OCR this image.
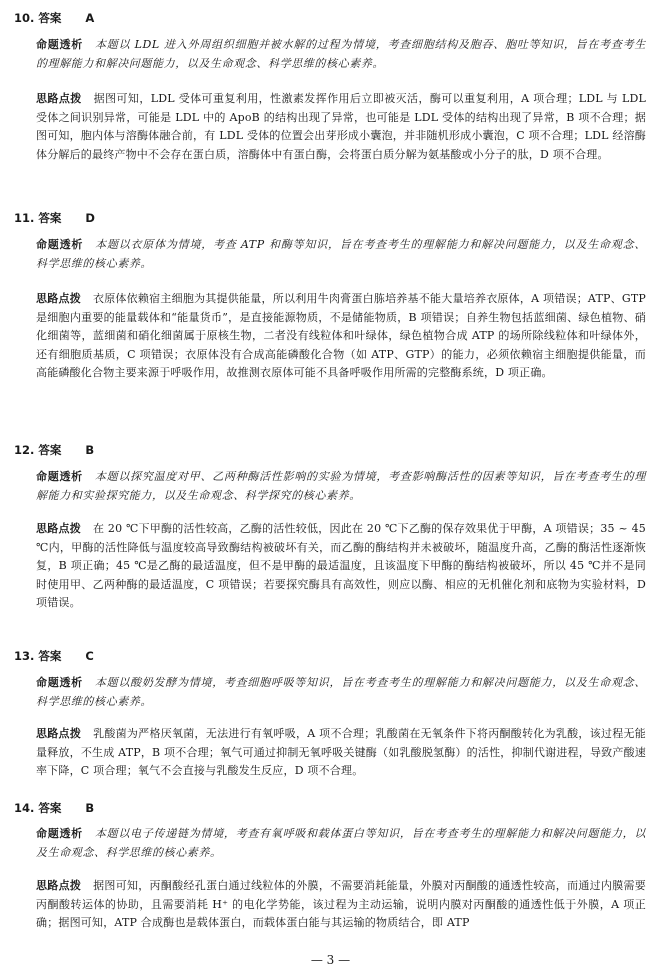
10. 答案 A
命题透析 本题以 LDL 进入外周组织细胞并被水解的过程为情境，考查细胞结构及胞吞、胞吐等知识，旨在考查考生的理解能力和解决问题能力，以及生命观念、科学思维的核心素养。
思路点拨 据图可知，LDL 受体可重复利用，性激素发挥作用后立即被灭活，酶可以重复利用，A 项合理；LDL 与 LDL 受体之间识别异常，可能是 LDL 中的 ApoB 的结构出现了异常，也可能是 LDL 受体的结构出现了异常，B 项不合理；据图可知，胞内体与溶酶体融合前，有 LDL 受体的位置会出芽形成小囊泡，并非随机形成小囊泡，C 项不合理；LDL 经溶酶体分解后的最终产物中不会存在蛋白质，溶酶体中有蛋白酶，会将蛋白质分解为氨基酸或小分子的肽，D 项不合理。
11. 答案 D
命题透析 本题以衣原体为情境，考查 ATP 和酶等知识，旨在考查考生的理解能力和解决问题能力，以及生命观念、科学思维的核心素养。
思路点拨 衣原体依赖宿主细胞为其提供能量，所以利用牛肉膏蛋白胨培养基不能大量培养衣原体，A 项错误；ATP、GTP 是细胞内重要的能量载体和“能量货币”，是直接能源物质，不是储能物质，B 项错误；自养生物包括蓝细菌、绿色植物、硝化细菌等，蓝细菌和硝化细菌属于原核生物，二者没有线粒体和叶绿体，绿色植物合成 ATP 的场所除线粒体和叶绿体外，还有细胞质基质，C 项错误；衣原体没有合成高能磷酸化合物（如 ATP、GTP）的能力，必须依赖宿主细胞提供能量，而高能磷酸化合物主要来源于呼吸作用，故推测衣原体可能不具备呼吸作用所需的完整酶系统，D 项正确。
12. 答案 B
命题透析 本题以探究温度对甲、乙两种酶活性影响的实验为情境，考查影响酶活性的因素等知识，旨在考查考生的理解能力和实验探究能力，以及生命观念、科学探究的核心素养。
思路点拨 在 20 ℃下甲酶的活性较高，乙酶的活性较低，因此在 20 ℃下乙酶的保存效果优于甲酶，A 项错误；35 ~ 45 ℃内，甲酶的活性降低与温度较高导致酶结构被破坏有关，而乙酶的酶结构并未被破坏，随温度升高，乙酶的酶活性逐渐恢复，B 项正确；45 ℃是乙酶的最适温度，但不是甲酶的最适温度，且该温度下甲酶的酶结构被破坏，所以 45 ℃并不是同时使用甲、乙两种酶的最适温度，C 项错误；若要探究酶具有高效性，则应以酶、相应的无机催化剂和底物为实验材料，D 项错误。
13. 答案 C
命题透析 本题以酸奶发酵为情境，考查细胞呼吸等知识，旨在考查考生的理解能力和解决问题能力，以及生命观念、科学思维的核心素养。
思路点拨 乳酸菌为严格厌氧菌，无法进行有氧呼吸，A 项不合理；乳酸菌在无氧条件下将丙酮酸转化为乳酸，该过程无能量释放，不生成 ATP，B 项不合理；氧气可通过抑制无氧呼吸关键酶（如乳酸脱氢酶）的活性，抑制代谢进程，导致产酸速率下降，C 项合理；氧气不会直接与乳酸发生反应，D 项不合理。
14. 答案 B
命题透析 本题以电子传递链为情境，考查有氧呼吸和载体蛋白等知识，旨在考查考生的理解能力和解决问题能力，以及生命观念、科学思维的核心素养。
思路点拨 据图可知，丙酮酸经孔蛋白通过线粒体的外膜，不需要消耗能量，外膜对丙酮酸的通透性较高，而通过内膜需要丙酮酸转运体的协助，且需要消耗 H⁺ 的电化学势能，该过程为主动运输，说明内膜对丙酮酸的通透性低于外膜，A 项正确；据图可知，ATP 合成酶也是载体蛋白，而载体蛋白能与其运输的物质结合，即 ATP
— 3 —
